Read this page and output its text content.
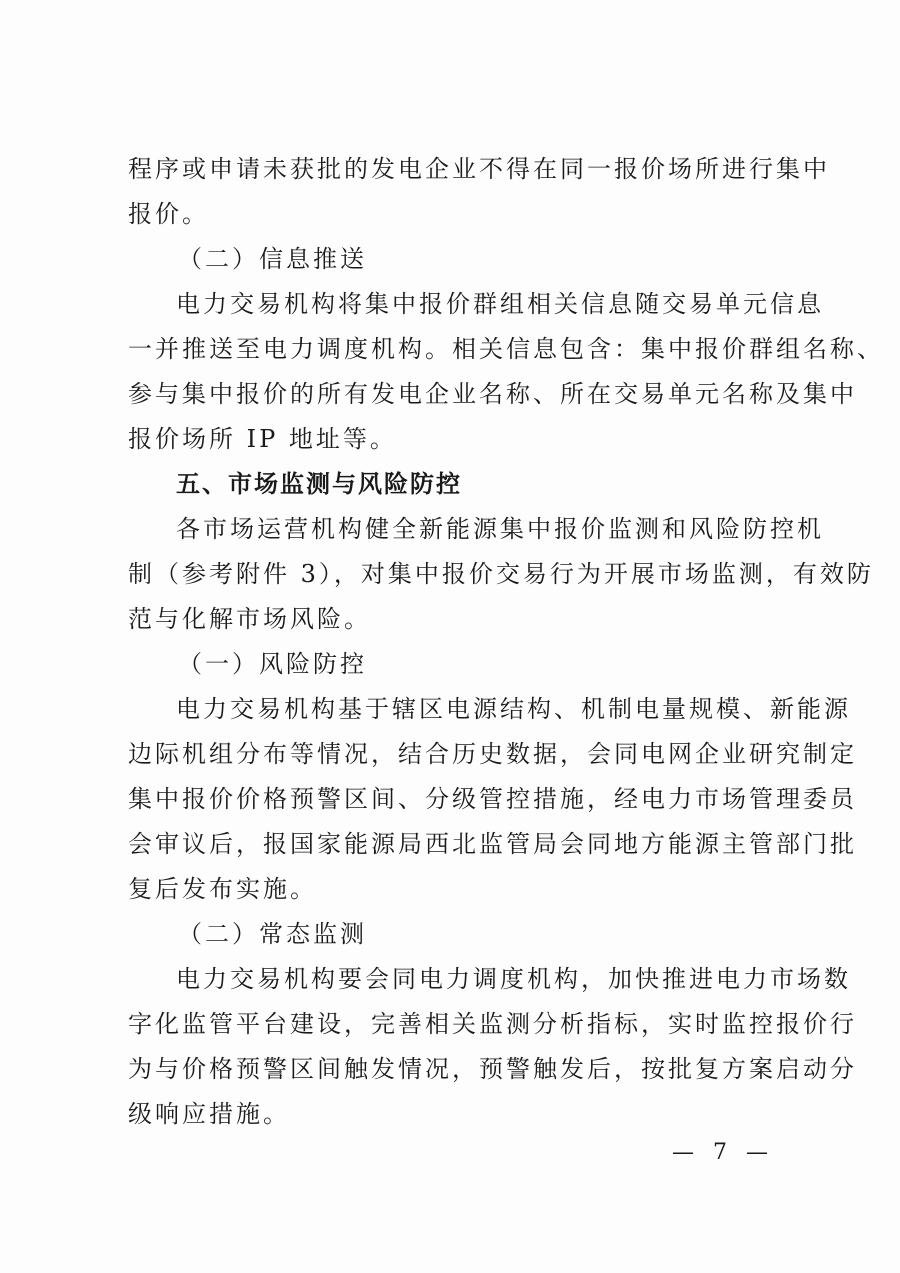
程序或申请未获批的发电企业不得在同一报价场所进行集中
报价。
（二）信息推送
电力交易机构将集中报价群组相关信息随交易单元信息
一并推送至电力调度机构。相关信息包含：集中报价群组名称、
参与集中报价的所有发电企业名称、所在交易单元名称及集中
报价场所 IP 地址等。
五、市场监测与风险防控
各市场运营机构健全新能源集中报价监测和风险防控机
制（参考附件 3），对集中报价交易行为开展市场监测，有效防
范与化解市场风险。
（一）风险防控
电力交易机构基于辖区电源结构、机制电量规模、新能源
边际机组分布等情况，结合历史数据，会同电网企业研究制定
集中报价价格预警区间、分级管控措施，经电力市场管理委员
会审议后，报国家能源局西北监管局会同地方能源主管部门批
复后发布实施。
（二）常态监测
电力交易机构要会同电力调度机构，加快推进电力市场数
字化监管平台建设，完善相关监测分析指标，实时监控报价行
为与价格预警区间触发情况，预警触发后，按批复方案启动分
级响应措施。
— 7 —
